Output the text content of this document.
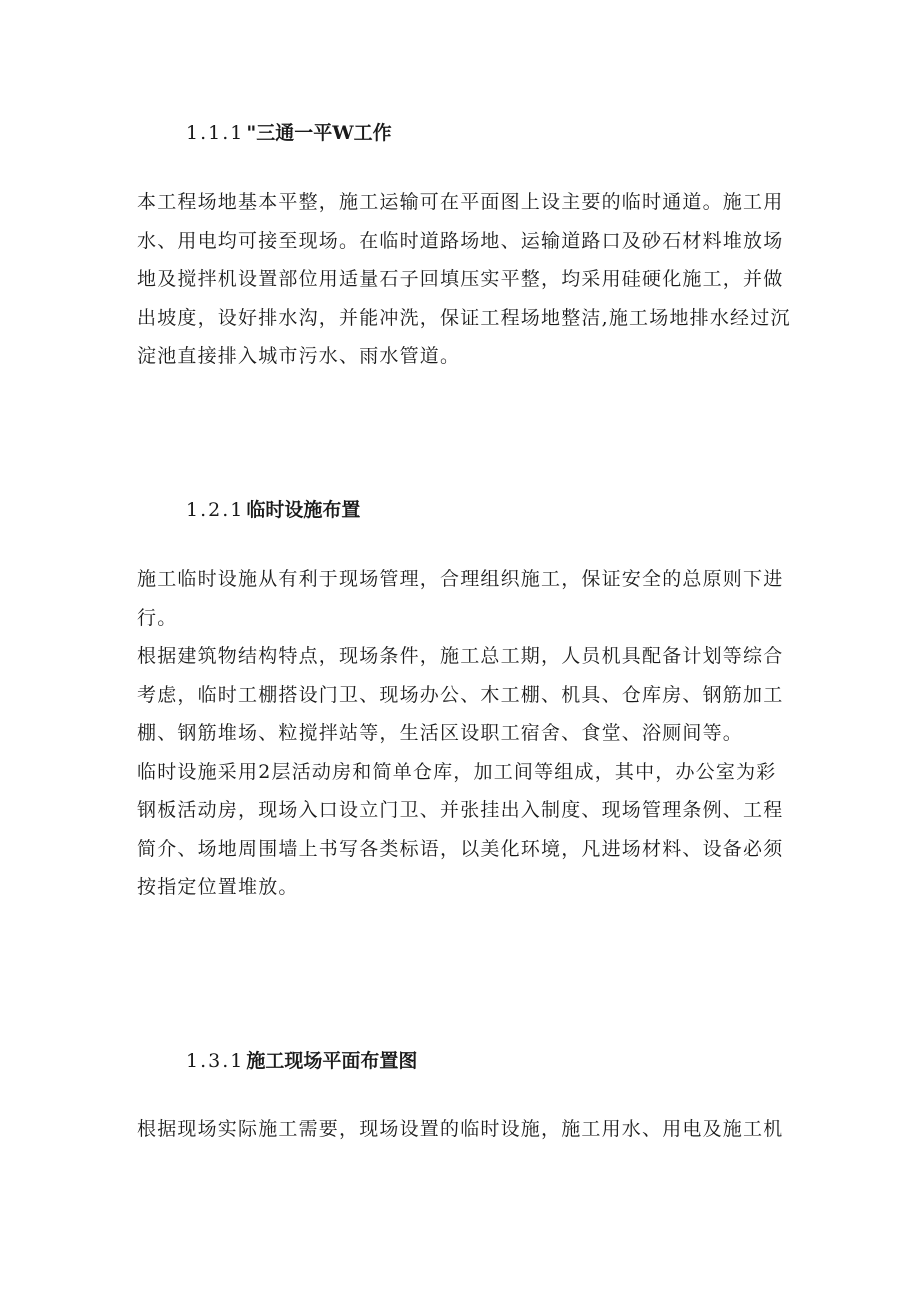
1.1.1 "三通一平W工作
本工程场地基本平整，施工运输可在平面图上设主要的临时通道。施工用
水、用电均可接至现场。在临时道路场地、运输道路口及砂石材料堆放场
地及搅拌机设置部位用适量石子回填压实平整，均采用硅硬化施工，并做
出坡度，设好排水沟，并能冲洗，保证工程场地整洁,施工场地排水经过沉
淀池直接排入城市污水、雨水管道。
1.2.1 临时设施布置
施工临时设施从有利于现场管理，合理组织施工，保证安全的总原则下进
行。
根据建筑物结构特点，现场条件，施工总工期，人员机具配备计划等综合
考虑，临时工棚搭设门卫、现场办公、木工棚、机具、仓库房、钢筋加工
棚、钢筋堆场、粒搅拌站等，生活区设职工宿舍、食堂、浴厕间等。
临时设施采用2层活动房和简单仓库，加工间等组成，其中，办公室为彩
钢板活动房，现场入口设立门卫、并张挂出入制度、现场管理条例、工程
简介、场地周围墙上书写各类标语，以美化环境，凡进场材料、设备必须
按指定位置堆放。
1.3.1 施工现场平面布置图
根据现场实际施工需要，现场设置的临时设施，施工用水、用电及施工机
